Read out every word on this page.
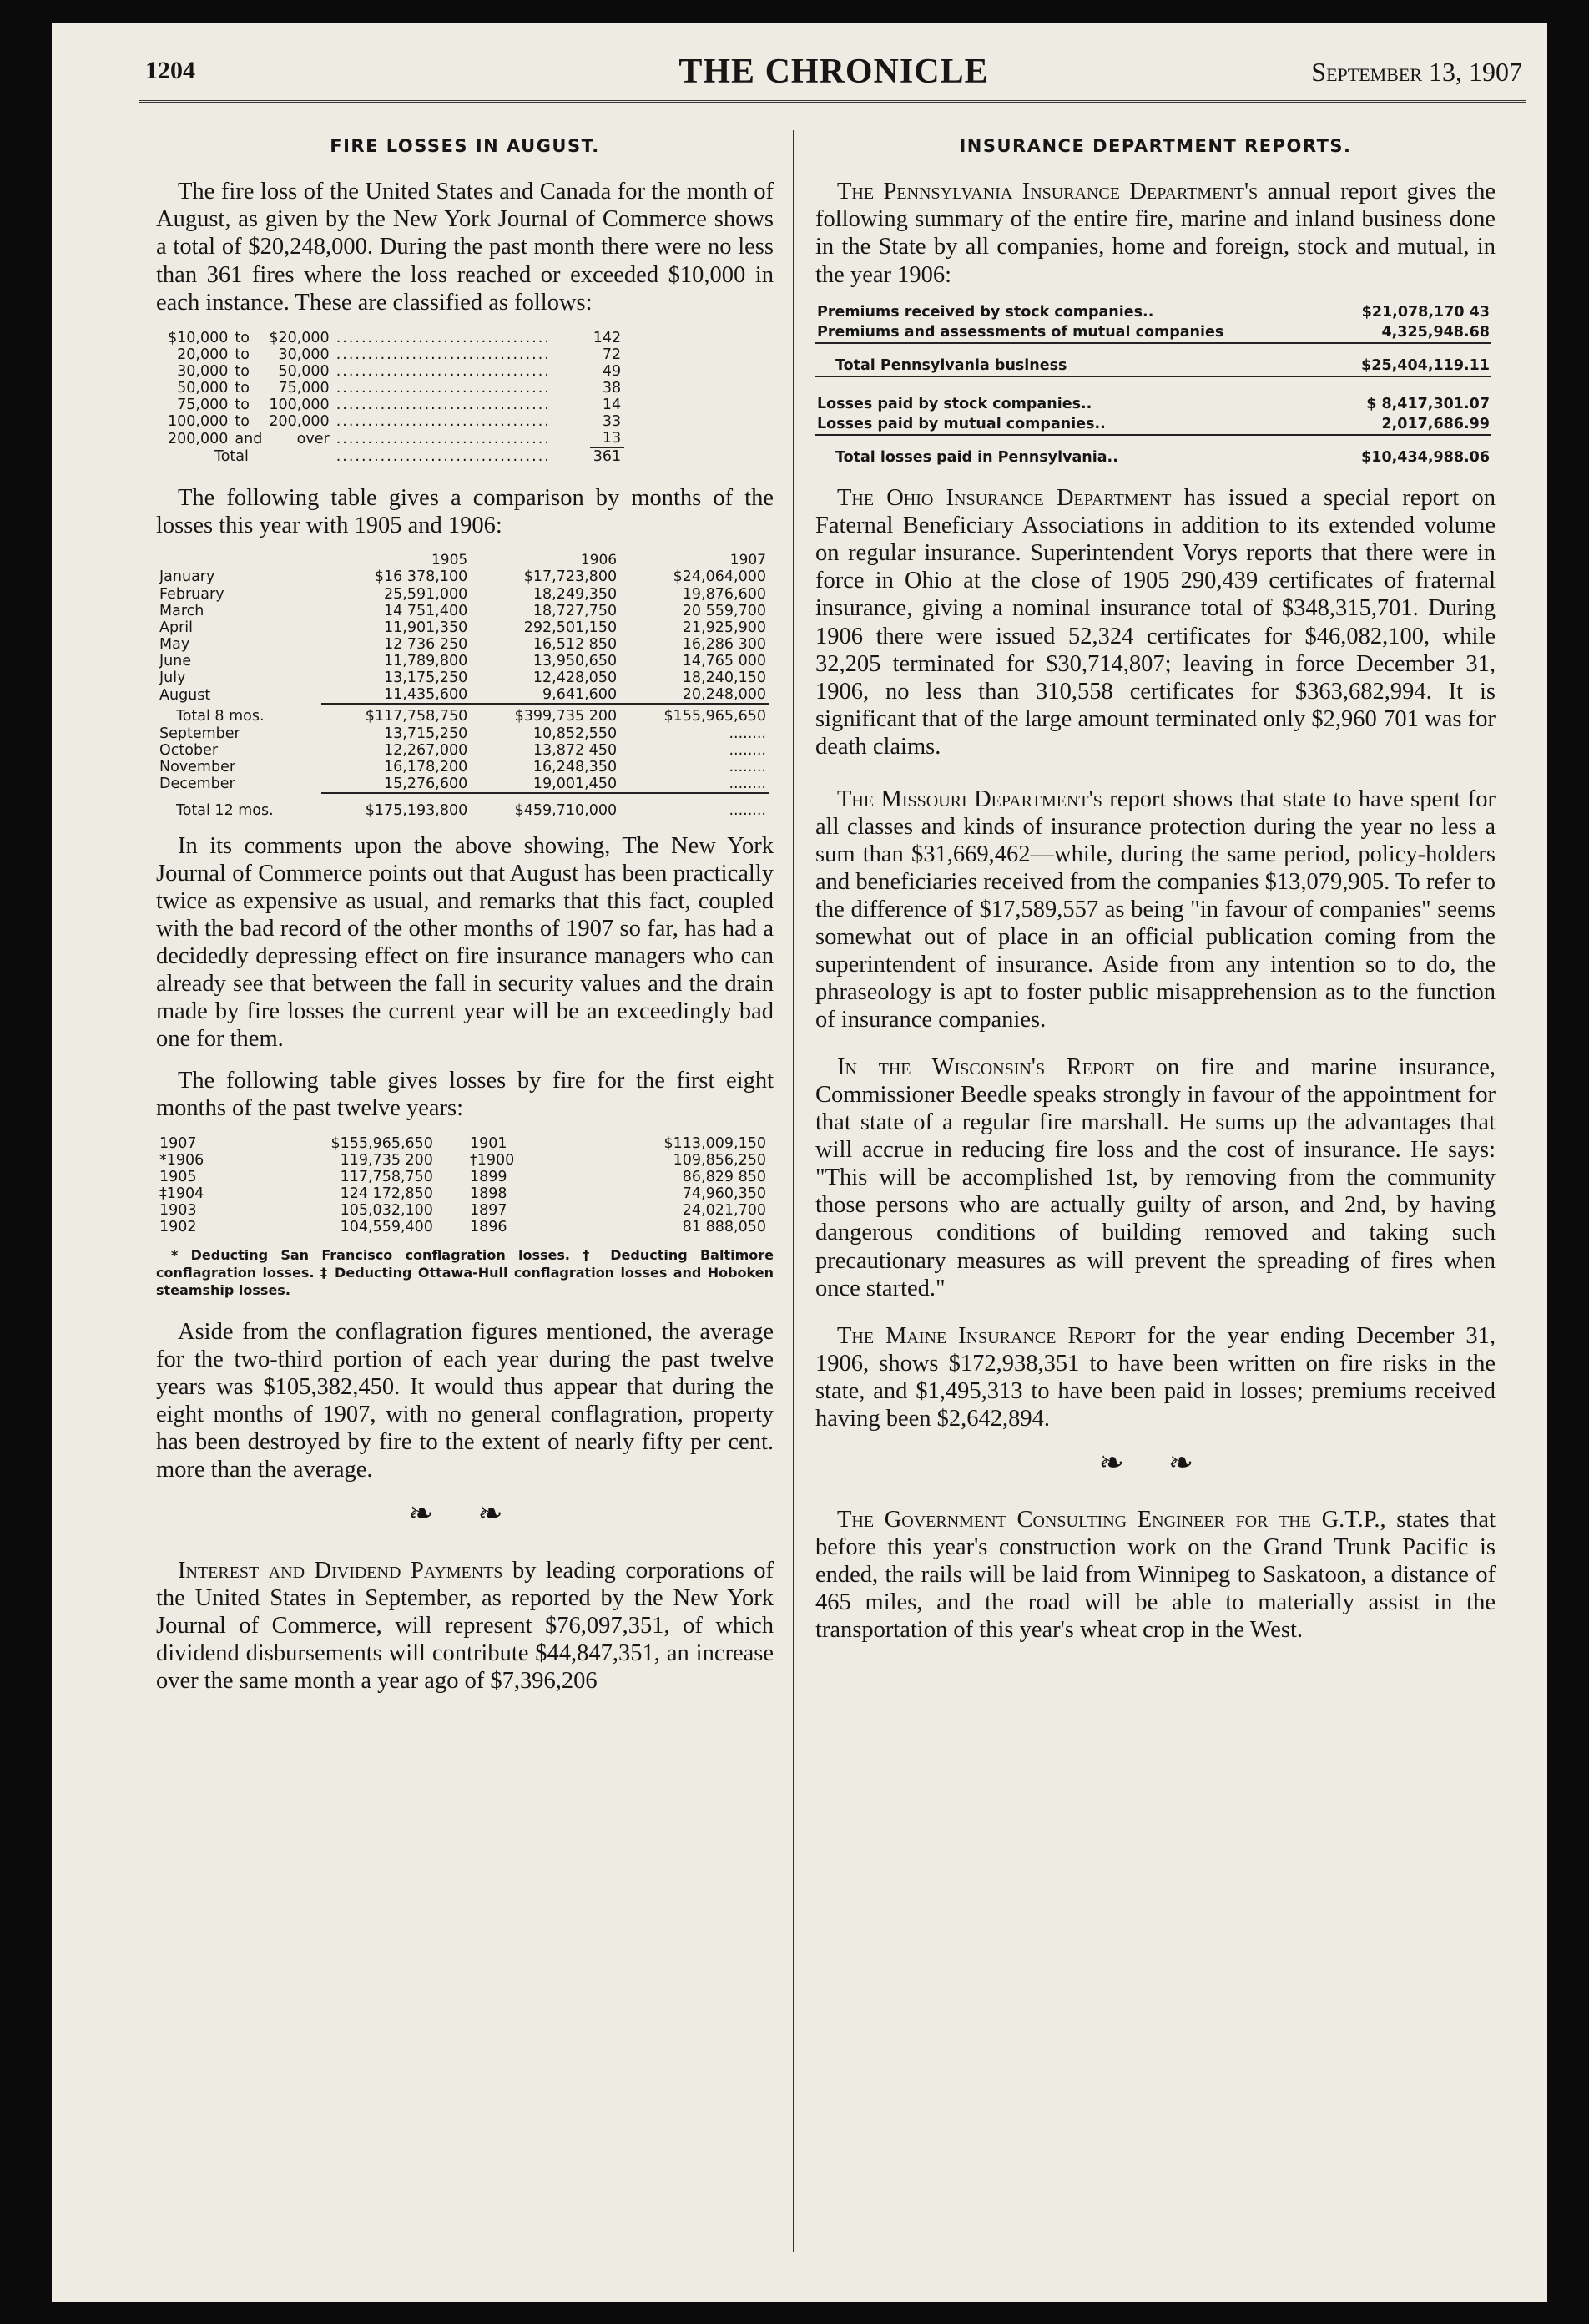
1204	THE CHRONICLE	September 13, 1907
FIRE LOSSES IN AUGUST.

The fire loss of the United States and Canada for the month of August, as given by the New York Journal of Commerce shows a total of $20,248,000. During the past month there were no less than 361 fires where the loss reached or exceeded $10,000 in each instance. These are classified as follows:

$10,000	to	$20,000	..................................	142
20,000	to	30,000	..................................	72
30,000	to	50,000	..................................	49
50,000	to	75,000	..................................	38
75,000	to	100,000	..................................	14
100,000	to	200,000	..................................	33
200,000	and	over	..................................	13
Total			..................................	361

The following table gives a comparison by months of the losses this year with 1905 and 1906:

	1905	1906	1907
January	$16 378,100	$17,723,800	$24,064,000
February	25,591,000	18,249,350	19,876,600
March	14 751,400	18,727,750	20 559,700
April	11,901,350	292,501,150	21,925,900
May	12 736 250	16,512 850	16,286 300
June	11,789,800	13,950,650	14,765 000
July	13,175,250	12,428,050	18,240,150
August	11,435,600	9,641,600	20,248,000
Total 8 mos.	$117,758,750	$399,735 200	$155,965,650
September	13,715,250	10,852,550	........
October	12,267,000	13,872 450	........
November	16,178,200	16,248,350	........
December	15,276,600	19,001,450	........
Total 12 mos.	$175,193,800	$459,710,000	........

In its comments upon the above showing, The New York Journal of Commerce points out that August has been practically twice as expensive as usual, and remarks that this fact, coupled with the bad record of the other months of 1907 so far, has had a decidedly depressing effect on fire insurance managers who can already see that between the fall in security values and the drain made by fire losses the current year will be an exceedingly bad one for them.

The following table gives losses by fire for the first eight months of the past twelve years:

1907	$155,965,650	1901	$113,009,150
*1906	119,735 200	†1900	109,856,250
1905	117,758,750	1899	86,829 850
‡1904	124 172,850	1898	74,960,350
1903	105,032,100	1897	24,021,700
1902	104,559,400	1896	81 888,050
* Deducting San Francisco conflagration losses. † Deducting Baltimore conflagration losses. ‡ Deducting Ottawa-Hull conflagration losses and Hoboken steamship losses.

Aside from the conflagration figures mentioned, the average for the two-third portion of each year during the past twelve years was $105,382,450. It would thus appear that during the eight months of 1907, with no general conflagration, property has been destroyed by fire to the extent of nearly fifty per cent. more than the average.

❧ ❧

Interest and Dividend Payments by leading corporations of the United States in September, as reported by the New York Journal of Commerce, will represent $76,097,351, of which dividend disbursements will contribute $44,847,351, an increase over the same month a year ago of $7,396,206

INSURANCE DEPARTMENT REPORTS.

The Pennsylvania Insurance Department's annual report gives the following summary of the entire fire, marine and inland business done in the State by all companies, home and foreign, stock and mutual, in the year 1906:

Premiums received by stock companies..	$21,078,170 43
Premiums and assessments of mutual companies	4,325,948.68
Total Pennsylvania business	$25,404,119.11
Losses paid by stock companies..	$ 8,417,301.07
Losses paid by mutual companies..	2,017,686.99
Total losses paid in Pennsylvania..	$10,434,988.06

The Ohio Insurance Department has issued a special report on Faternal Beneficiary Associations in addition to its extended volume on regular insurance. Superintendent Vorys reports that there were in force in Ohio at the close of 1905 290,439 certificates of fraternal insurance, giving a nominal insurance total of $348,315,701. During 1906 there were issued 52,324 certificates for $46,082,100, while 32,205 terminated for $30,714,807; leaving in force December 31, 1906, no less than 310,558 certificates for $363,682,994. It is significant that of the large amount terminated only $2,960 701 was for death claims.

The Missouri Department's report shows that state to have spent for all classes and kinds of insurance protection during the year no less a sum than $31,669,462—while, during the same period, policy-holders and beneficiaries received from the companies $13,079,905. To refer to the difference of $17,589,557 as being "in favour of companies" seems somewhat out of place in an official publication coming from the superintendent of insurance. Aside from any intention so to do, the phraseology is apt to foster public misapprehension as to the function of insurance companies.

In the Wisconsin's Report on fire and marine insurance, Commissioner Beedle speaks strongly in favour of the appointment for that state of a regular fire marshall. He sums up the advantages that will accrue in reducing fire loss and the cost of insurance. He says: "This will be accomplished 1st, by removing from the community those persons who are actually guilty of arson, and 2nd, by having dangerous conditions of building removed and taking such precautionary measures as will prevent the spreading of fires when once started."

The Maine Insurance Report for the year ending December 31, 1906, shows $172,938,351 to have been written on fire risks in the state, and $1,495,313 to have been paid in losses; premiums received having been $2,642,894.

❧ ❧

The Government Consulting Engineer for the G.T.P., states that before this year's construction work on the Grand Trunk Pacific is ended, the rails will be laid from Winnipeg to Saskatoon, a distance of 465 miles, and the road will be able to materially assist in the transportation of this year's wheat crop in the West.
